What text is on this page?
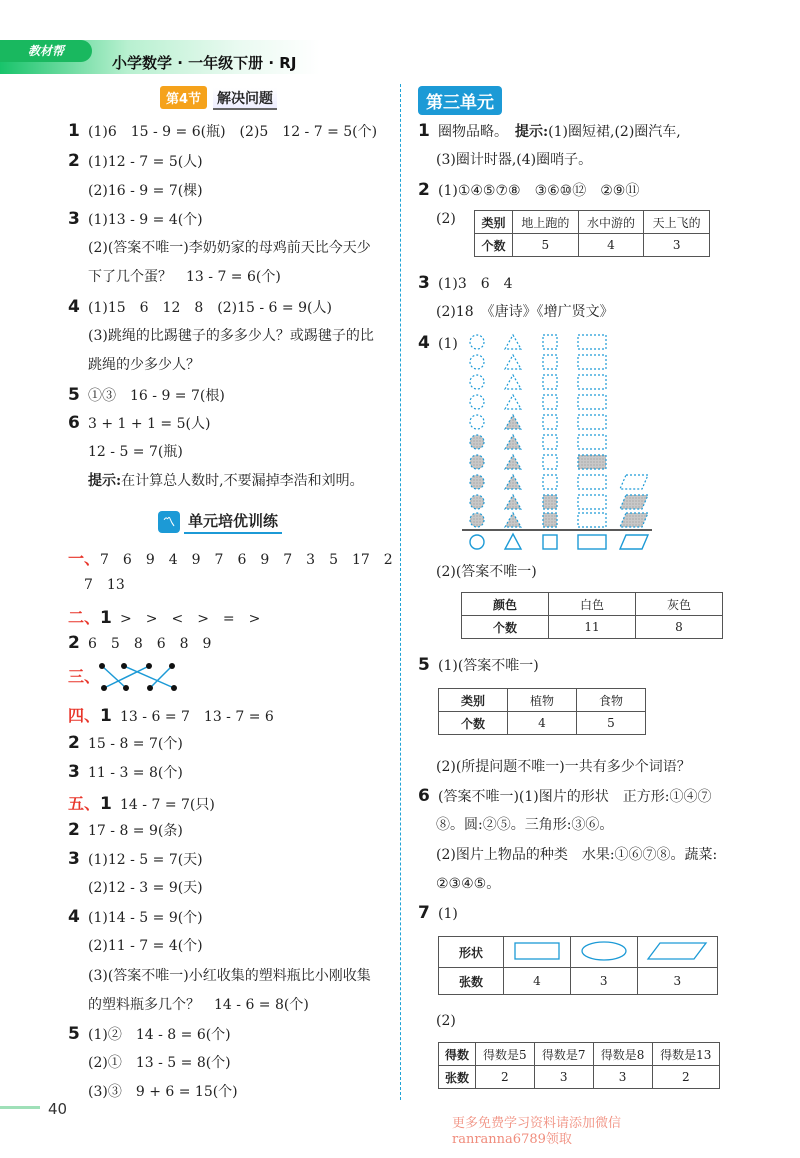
教材帮
小学数学 · 一年级下册 · RJ
第4节 解决问题
1 (1)6　15 - 9 = 6(瓶)　(2)5　12 - 7 = 5(个)
2 (1)12 - 7 = 5(人)
(2)16 - 9 = 7(棵)
3 (1)13 - 9 = 4(个)
(2)(答案不唯一)李奶奶家的母鸡前天比今天少
下了几个蛋？　13 - 7 = 6(个)
4 (1)15　6　12　8　(2)15 - 6 = 9(人)
(3)跳绳的比踢毽子的多多少人？或踢毽子的比
跳绳的少多少人？
5 ①③　16 - 9 = 7(根)
6 3 + 1 + 1 = 5(人)
12 - 5 = 7(瓶)
提示:在计算总人数时,不要漏掉李浩和刘明。
〽 单元培优训练
一、7　6　9　4　9　7　6　9　7　3　5　17　2
7　13
二、1 >　>　<　>　=　>
2 6　5　8　6　8　9
三、
四、1 13 - 6 = 7　13 - 7 = 6
2 15 - 8 = 7(个)
3 11 - 3 = 8(个)
五、1 14 - 7 = 7(只)
2 17 - 8 = 9(条)
3 (1)12 - 5 = 7(天)
(2)12 - 3 = 9(天)
4 (1)14 - 5 = 9(个)
(2)11 - 7 = 4(个)
(3)(答案不唯一)小红收集的塑料瓶比小刚收集
的塑料瓶多几个？　14 - 6 = 8(个)
5 (1)②　14 - 8 = 6(个)
(2)①　13 - 5 = 8(个)
(3)③　9 + 6 = 15(个)
第三单元
1 圈物品略。　 提示:(1)圈短裙,(2)圈汽车,
(3)圈计时器,(4)圈哨子。
2 (1)①④⑤⑦⑧　③⑥⑩⑫　②⑨⑪
(2) 类别	地上跑的	水中游的	天上飞的
个数	5	4	3
3 (1)3　6　4
(2)18　《唐诗》《增广贤文》
4 (1)
(2)(答案不唯一)
颜色	白色	灰色
个数	11	8
5 (1)(答案不唯一)
类别	植物	食物
个数	4	5
(2)(所提问题不唯一)一共有多少个词语？
6 (答案不唯一)(1)图片的形状　正方形:①④⑦
⑧。圆:②⑤。三角形:③⑥。
(2)图片上物品的种类　水果:①⑥⑦⑧。蔬菜:
②③④⑤。
7 (1)
形状			
张数	4	3	3
(2)
得数	得数是5	得数是7	得数是8	得数是13
张数	2	3	3	2
40
更多免费学习资料请添加微信
ranranna6789领取
